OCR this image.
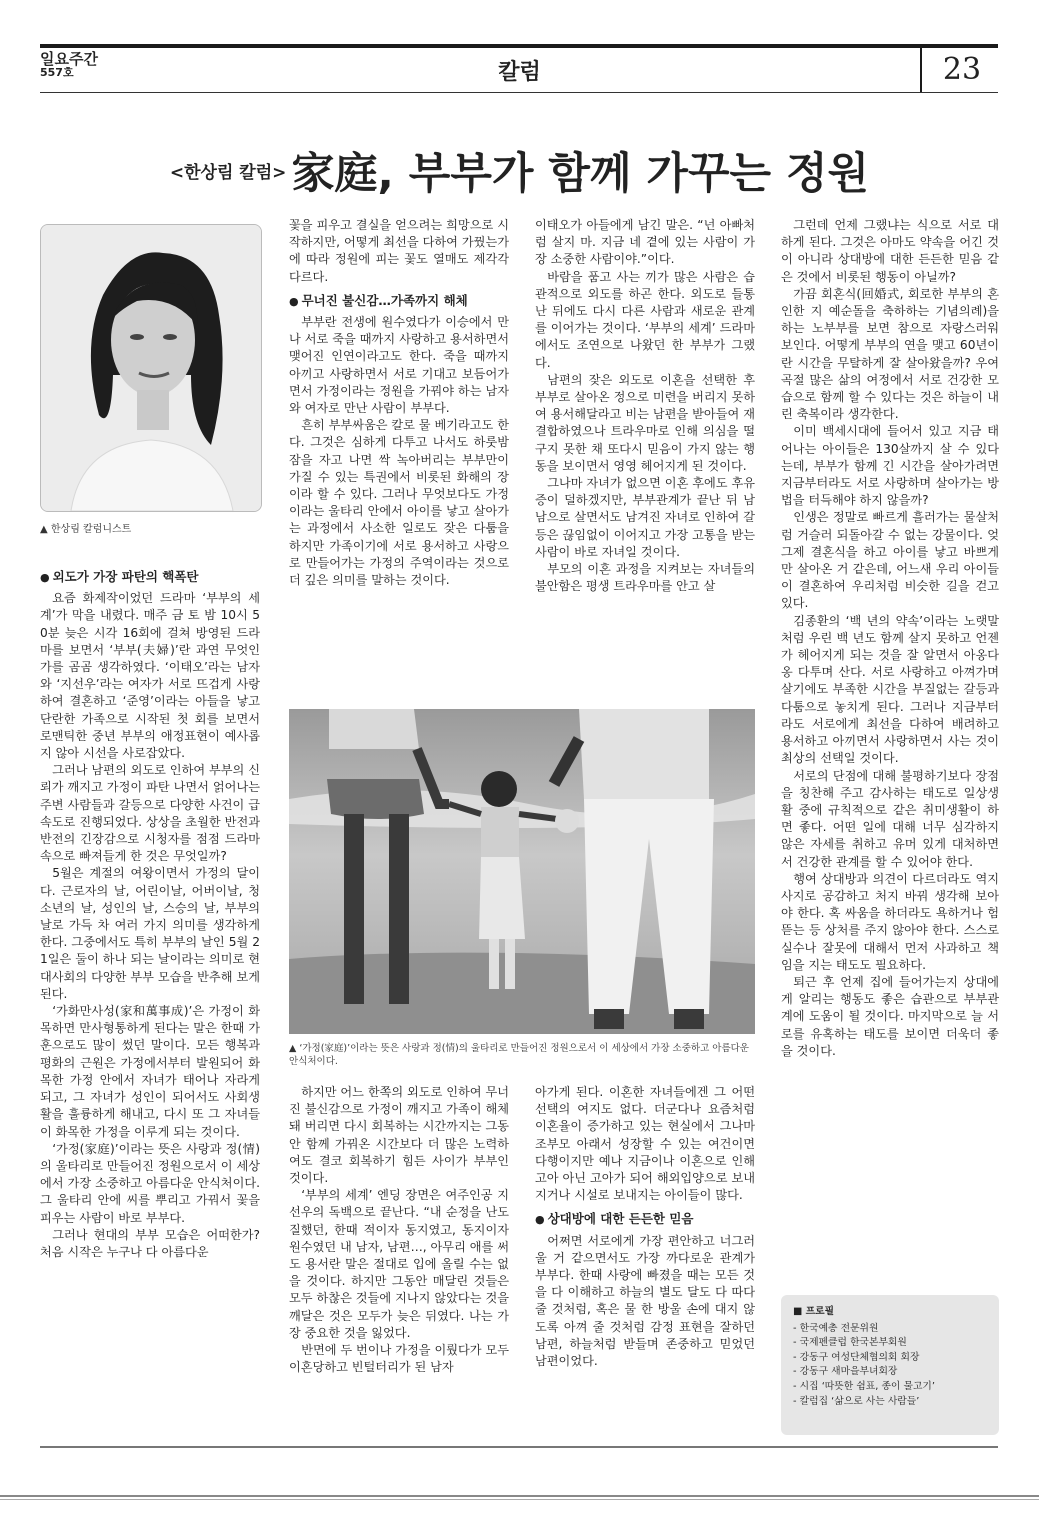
일요주간
557호	칼럼	23
<한상림 칼럼> 家庭, 부부가 함께 가꾸는 정원
▲ 한상림 칼럼니스트
● 외도가 가장 파탄의 핵폭탄

요즘 화제작이었던 드라마 ‘부부의 세계’가 막을 내렸다. 매주 금 토 밤 10시 50분 늦은 시각 16회에 걸쳐 방영된 드라마를 보면서 ‘부부(夫婦)’란 과연 무엇인가를 곰곰 생각하였다. ‘이태오’라는 남자와 ‘지선우’라는 여자가 서로 뜨겁게 사랑하여 결혼하고 ‘준영’이라는 아들을 낳고 단란한 가족으로 시작된 첫 회를 보면서 로맨틱한 중년 부부의 애정표현이 예사롭지 않아 시선을 사로잡았다.

그러나 남편의 외도로 인하여 부부의 신뢰가 깨지고 가정이 파탄 나면서 얽어나는 주변 사람들과 갈등으로 다양한 사건이 급속도로 진행되었다. 상상을 초월한 반전과 반전의 긴장감으로 시청자를 점점 드라마 속으로 빠져들게 한 것은 무엇일까?

5월은 계절의 여왕이면서 가정의 달이다. 근로자의 날, 어린이날, 어버이날, 청소년의 날, 성인의 날, 스승의 날, 부부의 날로 가득 차 여러 가지 의미를 생각하게 한다. 그중에서도 특히 부부의 날인 5월 21일은 둘이 하나 되는 날이라는 의미로 현대사회의 다양한 부부 모습을 반추해 보게 된다.

‘가화만사성(家和萬事成)’은 가정이 화목하면 만사형통하게 된다는 말은 한때 가훈으로도 많이 썼던 말이다. 모든 행복과 평화의 근원은 가정에서부터 발원되어 화목한 가정 안에서 자녀가 태어나 자라게 되고, 그 자녀가 성인이 되어서도 사회생활을 훌륭하게 해내고, 다시 또 그 자녀들이 화목한 가정을 이루게 되는 것이다.

‘가정(家庭)’이라는 뜻은 사랑과 정(情)의 울타리로 만들어진 정원으로서 이 세상에서 가장 소중하고 아름다운 안식처이다. 그 울타리 안에 씨를 뿌리고 가꿔서 꽃을 피우는 사람이 바로 부부다.

그러나 현대의 부부 모습은 어떠한가? 처음 시작은 누구나 다 아름다운

꽃을 피우고 결실을 얻으려는 희망으로 시작하지만, 어떻게 최선을 다하여 가꿨는가에 따라 정원에 피는 꽃도 열매도 제각각 다르다.

● 무너진 불신감…가족까지 해체

부부란 전생에 원수였다가 이승에서 만나 서로 죽을 때까지 사랑하고 용서하면서 맺어진 인연이라고도 한다. 죽을 때까지 아끼고 사랑하면서 서로 기대고 보듬어가면서 가정이라는 정원을 가꿔야 하는 남자와 여자로 만난 사람이 부부다.

흔히 부부싸움은 칼로 물 베기라고도 한다. 그것은 심하게 다투고 나서도 하룻밤 잠을 자고 나면 싹 녹아버리는 부부만이 가질 수 있는 특권에서 비롯된 화해의 장이라 할 수 있다. 그러나 무엇보다도 가정이라는 울타리 안에서 아이를 낳고 살아가는 과정에서 사소한 일로도 잦은 다툼을 하지만 가족이기에 서로 용서하고 사랑으로 만들어가는 가정의 주역이라는 것으로 더 깊은 의미를 말하는 것이다.

이태오가 아들에게 남긴 말은. “넌 아빠처럼 살지 마. 지금 네 곁에 있는 사람이 가장 소중한 사람이야.”이다.

바람을 품고 사는 끼가 많은 사람은 습관적으로 외도를 하곤 한다. 외도로 들통난 뒤에도 다시 다른 사람과 새로운 관계를 이어가는 것이다. ‘부부의 세계’ 드라마에서도 조연으로 나왔던 한 부부가 그랬다.

남편의 잦은 외도로 이혼을 선택한 후 부부로 살아온 정으로 미련을 버리지 못하여 용서해달라고 비는 남편을 받아들여 재결합하였으나 트라우마로 인해 의심을 떨구지 못한 채 또다시 믿음이 가지 않는 행동을 보이면서 영영 헤어지게 된 것이다.

그나마 자녀가 없으면 이혼 후에도 후유증이 덜하겠지만, 부부관계가 끝난 뒤 남남으로 살면서도 남겨진 자녀로 인하여 갈등은 끊임없이 이어지고 가장 고통을 받는 사람이 바로 자녀일 것이다.

부모의 이혼 과정을 지켜보는 자녀들의 불안함은 평생 트라우마를 안고 살

하지만 어느 한쪽의 외도로 인하여 무너진 불신감으로 가정이 깨지고 가족이 해체돼 버리면 다시 회복하는 시간까지는 그동안 함께 가꿔온 시간보다 더 많은 노력하여도 결코 회복하기 힘든 사이가 부부인 것이다.

‘부부의 세계’ 엔딩 장면은 여주인공 지선우의 독백으로 끝난다. “내 순정을 난도질했던, 한때 적이자 동지였고, 동지이자 원수였던 내 남자, 남편…, 아무리 애를 써도 용서란 말은 절대로 입에 올릴 수는 없을 것이다. 하지만 그동안 매달린 것들은 모두 하찮은 것들에 지나지 않았다는 것을 깨달은 것은 모두가 늦은 뒤였다. 나는 가장 중요한 것을 잃었다.

반면에 두 번이나 가정을 이뤘다가 모두 이혼당하고 빈털터리가 된 남자

아가게 된다. 이혼한 자녀들에겐 그 어떤 선택의 여지도 없다. 더군다나 요즘처럼 이혼율이 증가하고 있는 현실에서 그나마 조부모 아래서 성장할 수 있는 여건이면 다행이지만 예나 지금이나 이혼으로 인해 고아 아닌 고아가 되어 해외입양으로 보내지거나 시설로 보내지는 아이들이 많다.

● 상대방에 대한 든든한 믿음

어쩌면 서로에게 가장 편안하고 너그러울 거 같으면서도 가장 까다로운 관계가 부부다. 한때 사랑에 빠졌을 때는 모든 것을 다 이해하고 하늘의 별도 달도 다 따다 줄 것처럼, 혹은 물 한 방울 손에 대지 않도록 아껴 줄 것처럼 감정 표현을 잘하던 남편, 하늘처럼 받들며 존중하고 믿었던 남편이었다.

그런데 언제 그랬냐는 식으로 서로 대하게 된다. 그것은 아마도 약속을 어긴 것이 아니라 상대방에 대한 든든한 믿음 같은 것에서 비롯된 행동이 아닐까?

가끔 회혼식(回婚式, 회로한 부부의 혼인한 지 예순돌을 축하하는 기념의례)을 하는 노부부를 보면 참으로 자랑스러워 보인다. 어떻게 부부의 연을 맺고 60년이란 시간을 무탈하게 잘 살아왔을까? 우여곡절 많은 삶의 여정에서 서로 건강한 모습으로 함께 할 수 있다는 것은 하늘이 내린 축복이라 생각한다.

이미 백세시대에 들어서 있고 지금 태어나는 아이들은 130살까지 살 수 있다는데, 부부가 함께 긴 시간을 살아가려면 지금부터라도 서로 사랑하며 살아가는 방법을 터득해야 하지 않을까?

인생은 정말로 빠르게 흘러가는 물살처럼 거슬러 되돌아갈 수 없는 강물이다. 엊그제 결혼식을 하고 아이를 낳고 바쁘게만 살아온 거 같은데, 어느새 우리 아이들이 결혼하여 우리처럼 비슷한 길을 걷고 있다.

김종환의 ‘백 년의 약속’이라는 노랫말처럼 우린 백 년도 함께 살지 못하고 언젠가 헤어지게 되는 것을 잘 알면서 아옹다옹 다투며 산다. 서로 사랑하고 아껴가며 살기에도 부족한 시간을 부질없는 갈등과 다툼으로 놓치게 된다. 그러나 지금부터라도 서로에게 최선을 다하여 배려하고 용서하고 아끼면서 사랑하면서 사는 것이 최상의 선택일 것이다.

서로의 단점에 대해 불평하기보다 장점을 칭찬해 주고 감사하는 태도로 일상생활 중에 규칙적으로 같은 취미생활이 하면 좋다. 어떤 일에 대해 너무 심각하지 않은 자세를 취하고 유머 있게 대처하면서 건강한 관계를 할 수 있어야 한다.

행여 상대방과 의견이 다르더라도 역지사지로 공감하고 처지 바꿔 생각해 보아야 한다. 혹 싸움을 하더라도 욕하거나 험뜯는 등 상처를 주지 않아야 한다. 스스로 실수나 잘못에 대해서 먼저 사과하고 책임을 지는 태도도 필요하다.

퇴근 후 언제 집에 들어가는지 상대에게 알리는 행동도 좋은 습관으로 부부관계에 도움이 될 것이다. 마지막으로 늘 서로를 유혹하는 태도를 보이면 더욱더 좋을 것이다.

▲ ‘가정(家庭)’이라는 뜻은 사랑과 정(情)의 울타리로 만들어진 정원으로서 이 세상에서 가장 소중하고 아름다운 안식처이다.
■ 프로필
- 한국예총 전문위원
- 국제펜클럽 한국본부회원
- 강동구 여성단체협의회 회장
- 강동구 새마을부녀회장
- 시집 ‘따뜻한 쉼표, 종이 물고기’
- 칼럼집 ‘삶으로 사는 사람들’
